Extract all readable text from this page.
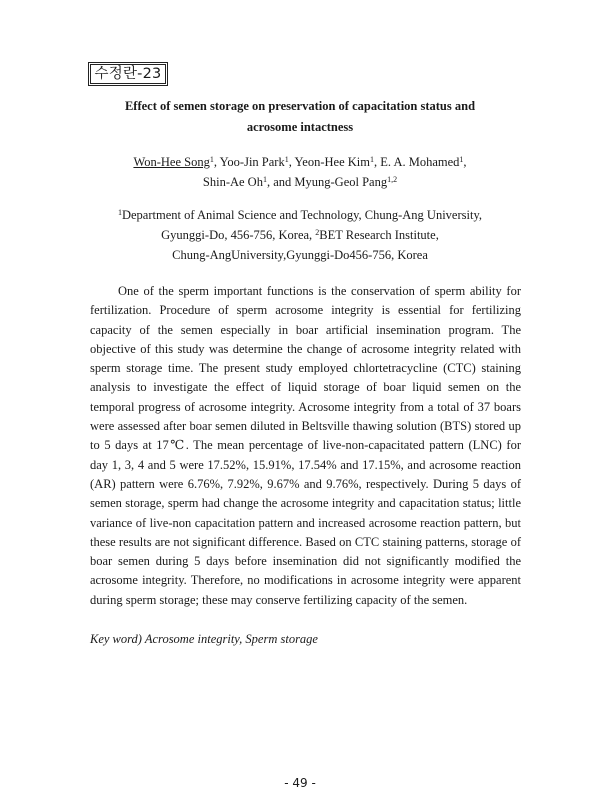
수정란-23
Effect of semen storage on preservation of capacitation status and
acrosome intactness
Won-Hee Song$^1$, Yoo-Jin Park$^1$, Yeon-Hee Kim$^1$, E. A. Mohamed$^1$,
Shin-Ae Oh$^1$, and Myung-Geol Pang$^{1,2}$
$^1$Department of Animal Science and Technology, Chung-Ang University,
Gyunggi-Do, 456-756, Korea, $^2$BET Research Institute,
Chung-AngUniversity,Gyunggi-Do456-756, Korea

One of the sperm important functions is the conservation of sperm ability for fertilization. Procedure of sperm acrosome integrity is essential for fertilizing capacity of the semen especially in boar artificial insemination program. The objective of this study was determine the change of acrosome integrity related with sperm storage time. The present study employed chlortetracycline (CTC) staining analysis to investigate the effect of liquid storage of boar liquid semen on the temporal progress of acrosome integrity. Acrosome integrity from a total of 37 boars were assessed after boar semen diluted in Beltsville thawing solution (BTS) stored up to 5 days at 17℃. The mean percentage of live-non-capacitated pattern (LNC) for day 1, 3, 4 and 5 were 17.52%, 15.91%, 17.54% and 17.15%, and acrosome reaction (AR) pattern were 6.76%, 7.92%, 9.67% and 9.76%, respectively. During 5 days of semen storage, sperm had change the acrosome integrity and capacitation status; little variance of live-non capacitation pattern and increased acrosome reaction pattern, but these results are not significant difference. Based on CTC staining patterns, storage of boar semen during 5 days before insemination did not significantly modified the acrosome integrity. Therefore, no modifications in acrosome integrity were apparent during sperm storage; these may conserve fertilizing capacity of the semen.

Key word) Acrosome integrity, Sperm storage
- 49 -
